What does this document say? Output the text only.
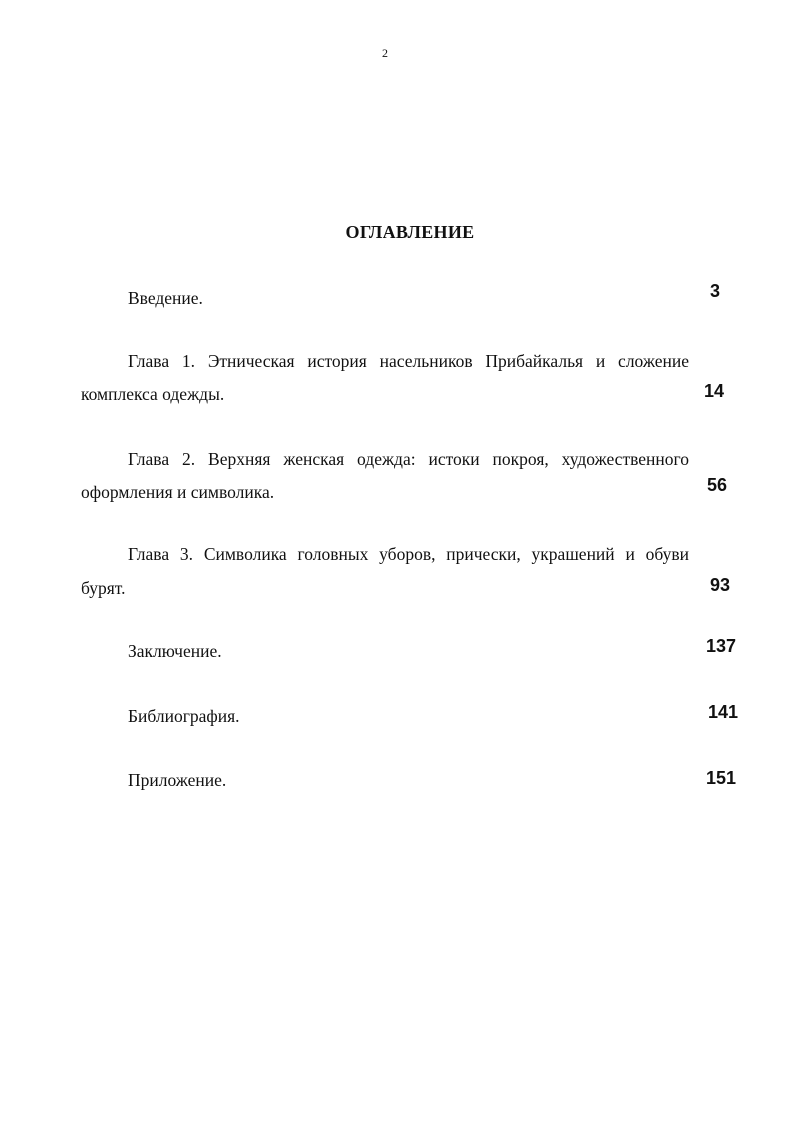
2
ОГЛАВЛЕНИЕ
Введение.	3
Глава 1. Этническая история насельников Прибайкалья и сложение
комплекса одежды.	14
Глава 2. Верхняя женская одежда: истоки покроя, художественного
оформления и символика.	56
Глава 3. Символика головных уборов, прически, украшений и обуви
бурят.	93
Заключение.	137
Библиография.	141
Приложение.	151
